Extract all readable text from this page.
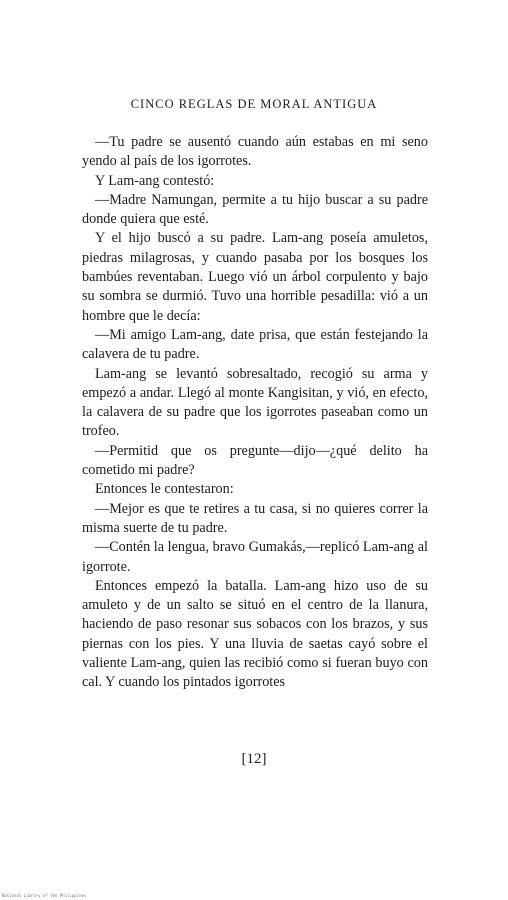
CINCO REGLAS DE MORAL ANTIGUA

—Tu padre se ausentó cuando aún estabas en mi seno yendo al país de los igorrotes.

Y Lam-ang contestó:

—Madre Namungan, permite a tu hijo buscar a su padre donde quiera que esté.

Y el hijo buscó a su padre. Lam-ang poseía amuletos, piedras milagrosas, y cuando pasaba por los bosques los bambúes reventaban. Luego vió un árbol corpulento y bajo su sombra se durmió. Tuvo una horrible pesadilla: vió a un hombre que le decía:

—Mi amigo Lam-ang, date prisa, que están festejando la calavera de tu padre.

Lam-ang se levantó sobresaltado, recogió su arma y empezó a andar. Llegó al monte Kangisitan, y vió, en efecto, la calavera de su padre que los igorrotes paseaban como un trofeo.

—Permitid que os pregunte—dijo—¿qué delito ha cometido mi padre?

Entonces le contestaron:

—Mejor es que te retires a tu casa, si no quieres correr la misma suerte de tu padre.

—Contén la lengua, bravo Gumakás,—replicó Lam-ang al igorrote.

Entonces empezó la batalla. Lam-ang hizo uso de su amuleto y de un salto se situó en el centro de la llanura, haciendo de paso resonar sus sobacos con los brazos, y sus piernas con los pies. Y una lluvia de saetas cayó sobre el valiente Lam-ang, quien las recibió como si fueran buyo con cal. Y cuando los pintados igorrotes

[12]
National Library of the Philippines
